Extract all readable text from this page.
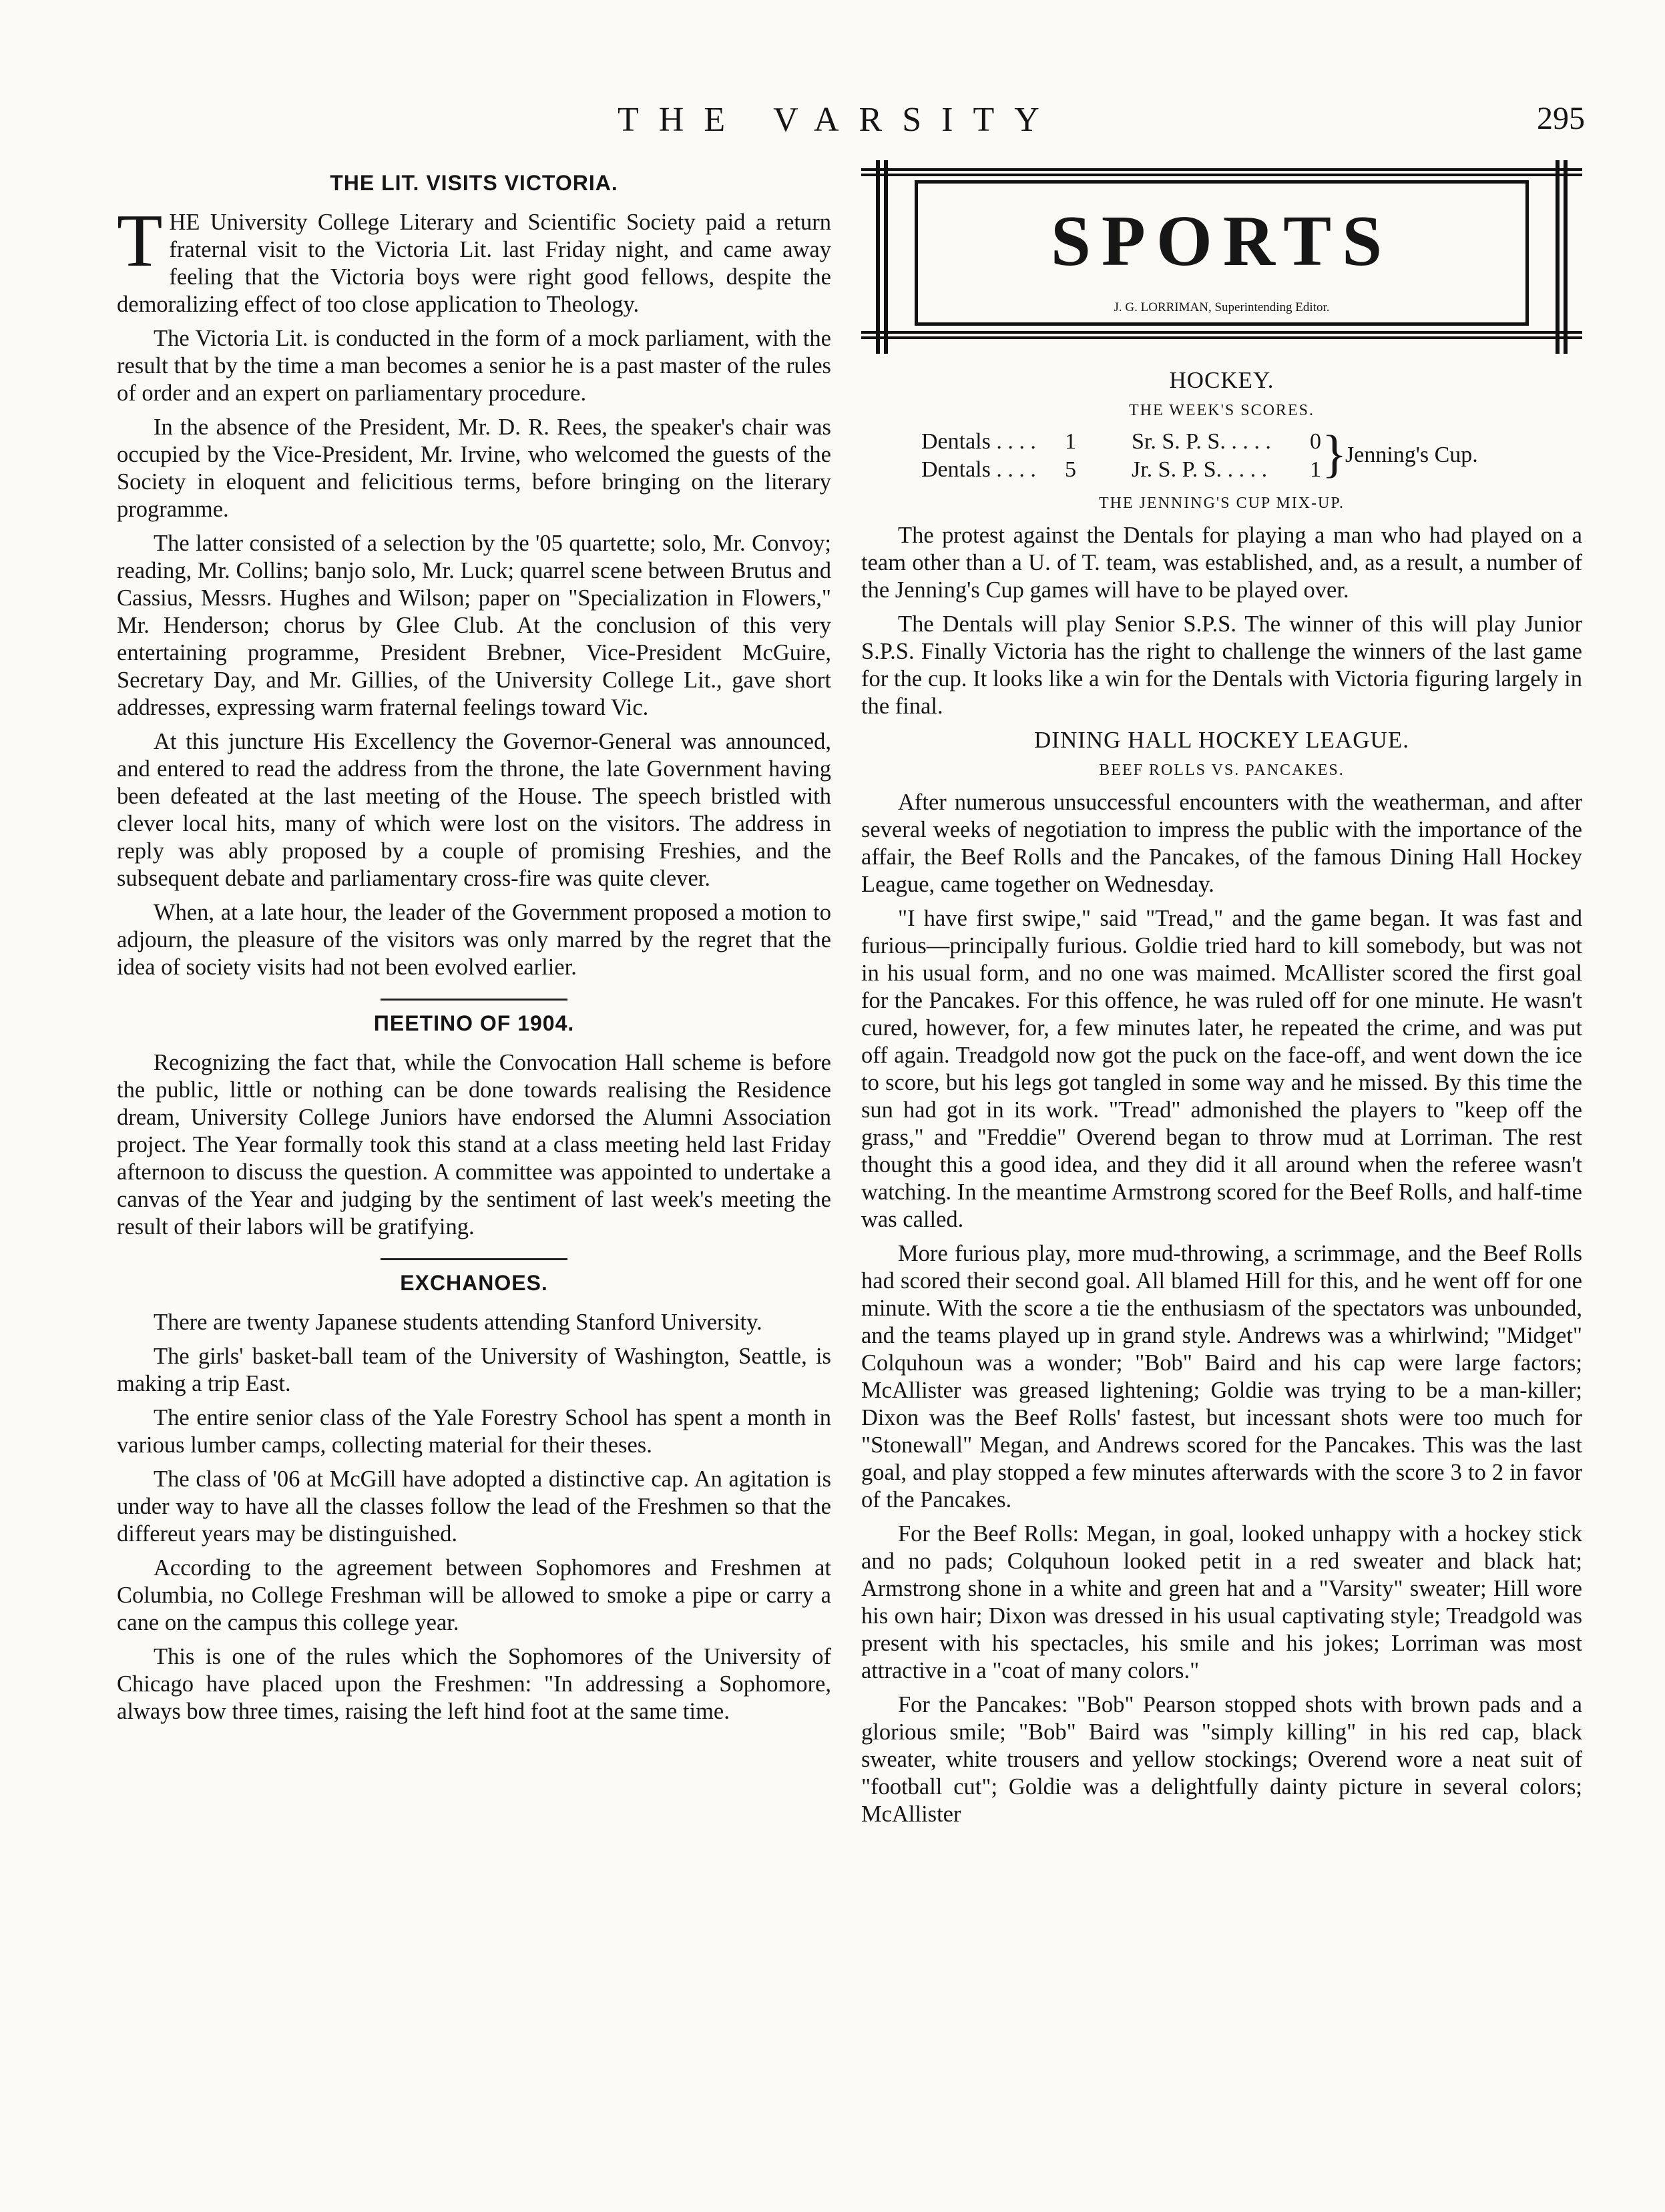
THE VARSITY	295
THE LIT. VISITS VICTORIA.

THE University College Literary and Scientific Society paid a return fraternal visit to the Victoria Lit. last Friday night, and came away feeling that the Victoria boys were right good fellows, despite the demoralizing effect of too close application to Theology.

The Victoria Lit. is conducted in the form of a mock parliament, with the result that by the time a man becomes a senior he is a past master of the rules of order and an expert on parliamentary procedure.

In the absence of the President, Mr. D. R. Rees, the speaker's chair was occupied by the Vice-President, Mr. Irvine, who welcomed the guests of the Society in eloquent and felicitious terms, before bringing on the literary programme.

The latter consisted of a selection by the '05 quartette; solo, Mr. Convoy; reading, Mr. Collins; banjo solo, Mr. Luck; quarrel scene between Brutus and Cassius, Messrs. Hughes and Wilson; paper on "Specialization in Flowers," Mr. Henderson; chorus by Glee Club. At the conclusion of this very entertaining programme, President Brebner, Vice-President McGuire, Secretary Day, and Mr. Gillies, of the University College Lit., gave short addresses, expressing warm fraternal feelings toward Vic.

At this juncture His Excellency the Governor-General was announced, and entered to read the address from the throne, the late Government having been defeated at the last meeting of the House. The speech bristled with clever local hits, many of which were lost on the visitors. The address in reply was ably proposed by a couple of promising Freshies, and the subsequent debate and parliamentary cross-fire was quite clever.

When, at a late hour, the leader of the Government proposed a motion to adjourn, the pleasure of the visitors was only marred by the regret that the idea of society visits had not been evolved earlier.

ΠEETINO OF 1904.

Recognizing the fact that, while the Convocation Hall scheme is before the public, little or nothing can be done towards realising the Residence dream, University College Juniors have endorsed the Alumni Association project. The Year formally took this stand at a class meeting held last Friday afternoon to discuss the question. A committee was appointed to undertake a canvas of the Year and judging by the sentiment of last week's meeting the result of their labors will be gratifying.

EXCHANOES.

There are twenty Japanese students attending Stanford University.

The girls' basket-ball team of the University of Washington, Seattle, is making a trip East.

The entire senior class of the Yale Forestry School has spent a month in various lumber camps, collecting material for their theses.

The class of '06 at McGill have adopted a distinctive cap. An agitation is under way to have all the classes follow the lead of the Freshmen so that the differeut years may be distinguished.

According to the agreement between Sophomores and Freshmen at Columbia, no College Freshman will be allowed to smoke a pipe or carry a cane on the campus this college year.

This is one of the rules which the Sophomores of the University of Chicago have placed upon the Freshmen: "In addressing a Sophomore, always bow three times, raising the left hind foot at the same time.

SPORTS
J. G. LORRIMAN, Superintending Editor.
HOCKEY.
THE WEEK'S SCORES.
Dentals . . . . 1 Sr. S. P. S. . . . . 0
Dentals . . . . 5 Jr. S. P. S. . . . . 1 }
Jenning's Cup.
THE JENNING'S CUP MIX-UP.

The protest against the Dentals for playing a man who had played on a team other than a U. of T. team, was established, and, as a result, a number of the Jenning's Cup games will have to be played over.

The Dentals will play Senior S.P.S. The winner of this will play Junior S.P.S. Finally Victoria has the right to challenge the winners of the last game for the cup. It looks like a win for the Dentals with Victoria figuring largely in the final.

DINING HALL HOCKEY LEAGUE.
BEEF ROLLS VS. PANCAKES.

After numerous unsuccessful encounters with the weatherman, and after several weeks of negotiation to impress the public with the importance of the affair, the Beef Rolls and the Pancakes, of the famous Dining Hall Hockey League, came together on Wednesday.

"I have first swipe," said "Tread," and the game began. It was fast and furious—principally furious. Goldie tried hard to kill somebody, but was not in his usual form, and no one was maimed. McAllister scored the first goal for the Pancakes. For this offence, he was ruled off for one minute. He wasn't cured, however, for, a few minutes later, he repeated the crime, and was put off again. Treadgold now got the puck on the face-off, and went down the ice to score, but his legs got tangled in some way and he missed. By this time the sun had got in its work. "Tread" admonished the players to "keep off the grass," and "Freddie" Overend began to throw mud at Lorriman. The rest thought this a good idea, and they did it all around when the referee wasn't watching. In the meantime Armstrong scored for the Beef Rolls, and half-time was called.

More furious play, more mud-throwing, a scrimmage, and the Beef Rolls had scored their second goal. All blamed Hill for this, and he went off for one minute. With the score a tie the enthusiasm of the spectators was unbounded, and the teams played up in grand style. Andrews was a whirlwind; "Midget" Colquhoun was a wonder; "Bob" Baird and his cap were large factors; McAllister was greased lightening; Goldie was trying to be a man-killer; Dixon was the Beef Rolls' fastest, but incessant shots were too much for "Stonewall" Megan, and Andrews scored for the Pancakes. This was the last goal, and play stopped a few minutes afterwards with the score 3 to 2 in favor of the Pancakes.

For the Beef Rolls: Megan, in goal, looked unhappy with a hockey stick and no pads; Colquhoun looked petit in a red sweater and black hat; Armstrong shone in a white and green hat and a "Varsity" sweater; Hill wore his own hair; Dixon was dressed in his usual captivating style; Treadgold was present with his spectacles, his smile and his jokes; Lorriman was most attractive in a "coat of many colors."

For the Pancakes: "Bob" Pearson stopped shots with brown pads and a glorious smile; "Bob" Baird was "simply killing" in his red cap, black sweater, white trousers and yellow stockings; Overend wore a neat suit of "football cut"; Goldie was a delightfully dainty picture in several colors; McAllister
